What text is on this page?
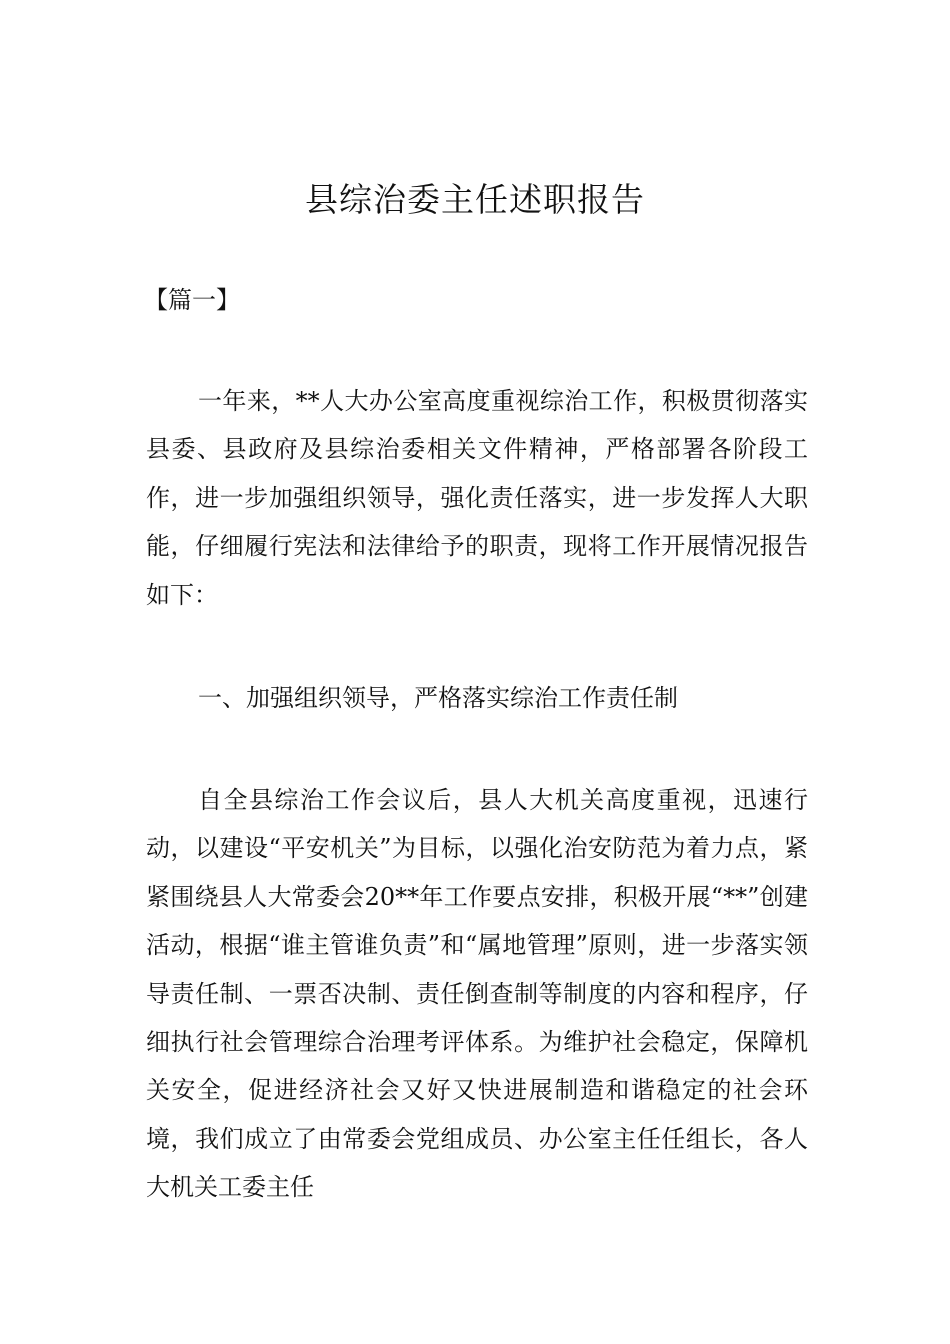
县综治委主任述职报告

【篇一】

一年来，**人大办公室高度重视综治工作，积极贯彻落实县委、县政府及县综治委相关文件精神，严格部署各阶段工作，进一步加强组织领导，强化责任落实，进一步发挥人大职能，仔细履行宪法和法律给予的职责，现将工作开展情况报告如下：

一、加强组织领导，严格落实综治工作责任制

自全县综治工作会议后，县人大机关高度重视，迅速行动，以建设“平安机关”为目标，以强化治安防范为着力点，紧紧围绕县人大常委会20**年工作要点安排，积极开展“**”创建活动，根据“谁主管谁负责”和“属地管理”原则，进一步落实领导责任制、一票否决制、责任倒查制等制度的内容和程序，仔细执行社会管理综合治理考评体系。为维护社会稳定，保障机关安全，促进经济社会又好又快进展制造和谐稳定的社会环境，我们成立了由常委会党组成员、办公室主任任组长，各人大机关工委主任
